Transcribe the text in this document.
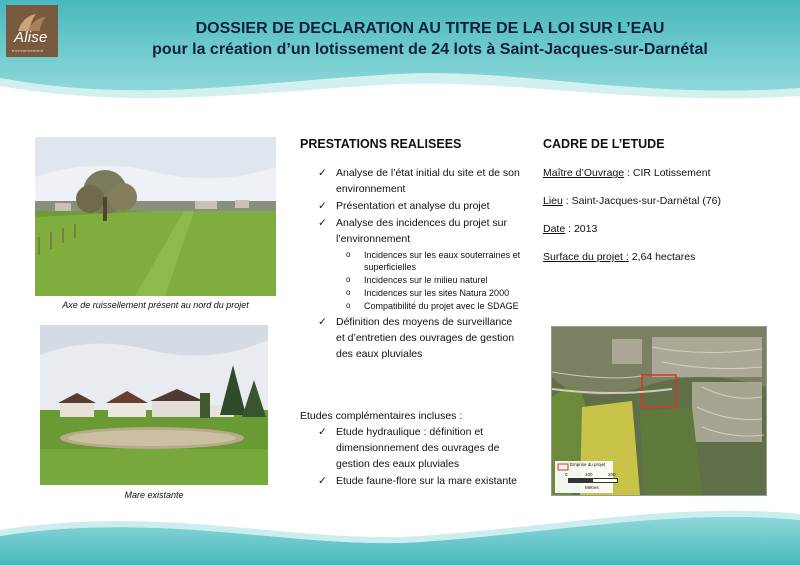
Alise
environnement
DOSSIER DE DECLARATION AU TITRE DE LA LOI SUR L’EAU
pour la création d’un lotissement de 24 lots à Saint-Jacques-sur-Darnétal
Axe de ruissellement présent au nord du projet
Mare existante
PRESTATIONS REALISEES
✓ Analyse de l’état initial du site et de son environnement
✓ Présentation et analyse du projet
✓ Analyse des incidences du projet sur l’environnement
o Incidences sur les eaux souterraines et superficielles
o Incidences sur le milieu naturel
o Incidences sur les sites Natura 2000
o Compatibilité du projet avec le SDAGE
✓ Définition des moyens de surveillance et d’entretien des ouvrages de gestion des eaux pluviales
Etudes complémentaires incluses :
✓ Etude hydraulique : définition et dimensionnement des ouvrages de gestion des eaux pluviales
✓ Etude faune-flore sur la mare existante
CADRE DE L’ETUDE
Maître d’Ouvrage : CIR Lotissement
Lieu : Saint-Jacques-sur-Darnétal (76)
Date : 2013
Surface du projet : 2,64 hectares
Emprise du projet
0	100	200
Mètres
